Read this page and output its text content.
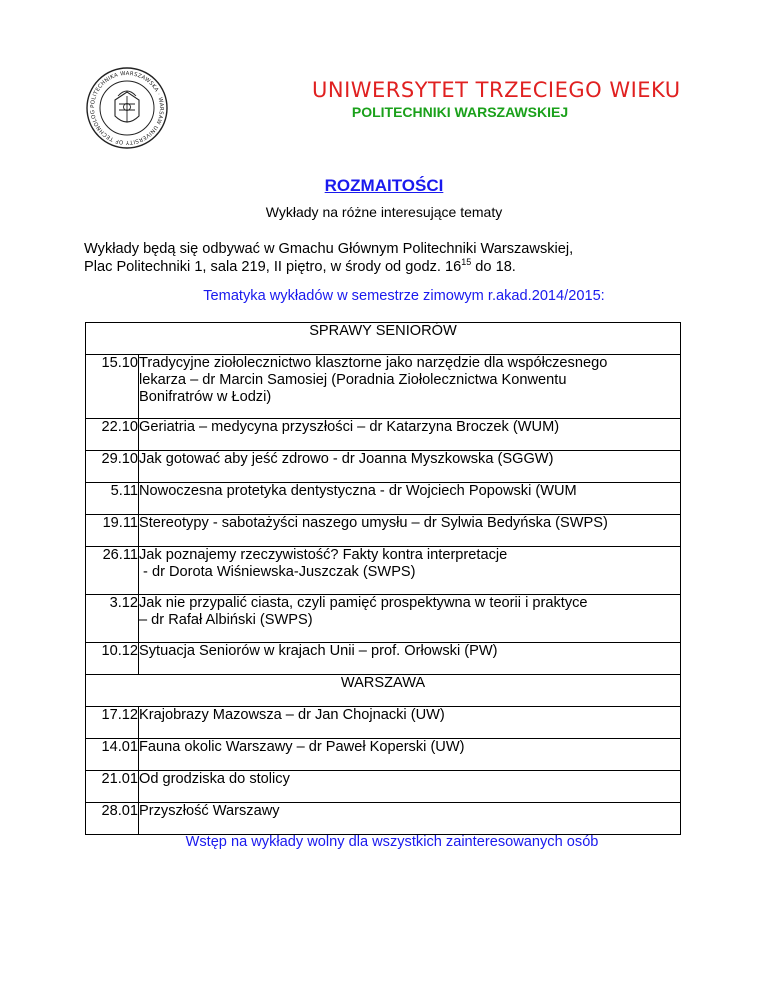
POLITECHNIKA WARSZAWSKA · WARSAW UNIVERSITY OF TECHNOLOG
UNIWERSYTET TRZECIEGO WIEKU
POLITECHNIKI WARSZAWSKIEJ
ROZMAITOŚCI
Wykłady na różne interesujące tematy
Wykłady będą się odbywać w Gmachu Głównym Politechniki Warszawskiej,
Plac Politechniki 1, sala 219, II piętro, w środy od godz. $16^{15}$ do 18.
Tematyka wykładów w semestrze zimowym r.akad.2014/2015:
SPRAWY SENIORÓW	
15.10	Tradycyjne ziołolecznictwo klasztorne jako narzędzie dla współczesnego
lekarza – dr Marcin Samosiej (Poradnia Ziołolecznictwa Konwentu
Bonifratrów w Łodzi)

22.10	Geriatria – medycyna przyszłości – dr Katarzyna Broczek (WUM)

29.10	Jak gotować aby jeść zdrowo - dr Joanna Myszkowska (SGGW)

5.11	Nowoczesna protetyka dentystyczna - dr Wojciech Popowski (WUM

19.11	Stereotypy - sabotażyści naszego umysłu – dr Sylwia Bedyńska (SWPS)

26.11	Jak poznajemy rzeczywistość? Fakty kontra interpretacje
- dr Dorota Wiśniewska-Juszczak (SWPS)

3.12	Jak nie przypalić ciasta, czyli pamięć prospektywna w teorii i praktyce
– dr Rafał Albiński (SWPS)

10.12	Sytuacja Seniorów w krajach Unii – prof. Orłowski (PW)

WARSZAWA	
17.12	Krajobrazy Mazowsza – dr Jan Chojnacki (UW)

14.01	Fauna okolic Warszawy – dr Paweł Koperski (UW)

21.01	Od grodziska do stolicy

28.01	Przyszłość Warszawy
Wstęp na wykłady wolny dla wszystkich zainteresowanych osób
